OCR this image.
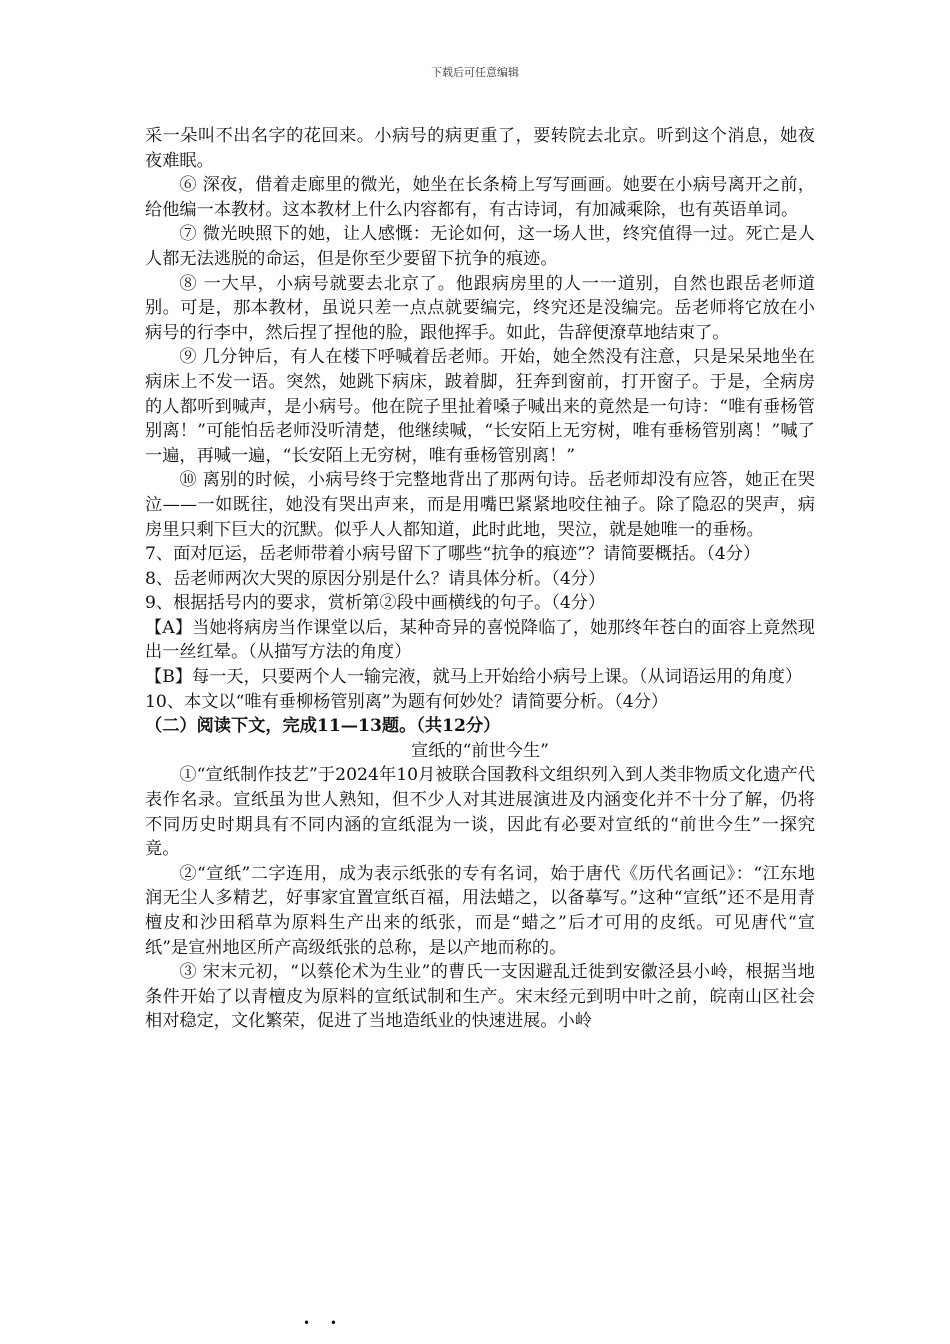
下载后可任意编辑

采一朵叫不出名字的花回来。小病号的病更重了，要转院去北京。听到这个消息，她夜夜难眠。

⑥ 深夜，借着走廊里的微光，她坐在长条椅上写写画画。她要在小病号离开之前，给他编一本教材。这本教材上什么内容都有，有古诗词，有加减乘除，也有英语单词。

⑦ 微光映照下的她，让人感慨：无论如何，这一场人世，终究值得一过。死亡是人人都无法逃脱的命运，但是你至少要留下抗争的痕迹。

⑧ 一大早，小病号就要去北京了。他跟病房里的人一一道别，自然也跟岳老师道别。可是，那本教材，虽说只差一点点就要编完，终究还是没编完。岳老师将它放在小病号的行李中，然后捏了捏他的脸，跟他挥手。如此，告辞便潦草地结束了。

⑨ 几分钟后，有人在楼下呼喊着岳老师。开始，她全然没有注意，只是呆呆地坐在病床上不发一语。突然，她跳下病床，跛着脚，狂奔到窗前，打开窗子。于是，全病房的人都听到喊声，是小病号。他在院子里扯着嗓子喊出来的竟然是一句诗：“唯有垂杨管别离！”可能怕岳老师没听清楚，他继续喊，“长安陌上无穷树，唯有垂杨管别离！”喊了一遍，再喊一遍，“长安陌上无穷树，唯有垂杨管别离！”

⑩ 离别的时候，小病号终于完整地背出了那两句诗。岳老师却没有应答，她正在哭泣——一如既往，她没有哭出声来，而是用嘴巴紧紧地咬住袖子。除了隐忍的哭声，病房里只剩下巨大的沉默。似乎人人都知道，此时此地，哭泣，就是她唯一的垂杨。

7、面对厄运，岳老师带着小病号留下了哪些“抗争的痕迹”？请简要概括。（4分）

8、岳老师两次大哭的原因分别是什么？请具体分析。（4分）

9、根据括号内的要求，赏析第②段中画横线的句子。（4分）

【A】当她将病房当作课堂以后，某种奇异的喜悦降临了，她那终年苍白的面容上竟然现出一丝红晕。（从描写方法的角度）

【B】每一天，只要两个人一输完液，就马上开始给小病号上课。（从词语运用的角度）

10、本文以“唯有垂柳杨管别离”为题有何妙处？请简要分析。（4分）

（二）阅读下文，完成11—13题。（共12分）

宣纸的“前世今生”

①“宣纸制作技艺”于2024年10月被联合国教科文组织列入到人类非物质文化遗产代表作名录。宣纸虽为世人熟知，但不少人对其进展演进及内涵变化并不十分了解，仍将不同历史时期具有不同内涵的宣纸混为一谈，因此有必要对宣纸的“前世今生”一探究竟。

②“宣纸”二字连用，成为表示纸张的专有名词，始于唐代《历代名画记》：“江东地润无尘人多精艺，好事家宜置宣纸百福，用法蜡之，以备摹写。”这种“宣纸”还不是用青檀皮和沙田稻草为原料生产出来的纸张，而是“蜡之”后才可用的皮纸。可见唐代“宣纸”是宣州地区所产高级纸张的总称，是以产地而称的。

③ 宋末元初，“以蔡伦术为生业”的曹氏一支因避乱迁徙到安徽泾县小岭，根据当地条件开始了以青檀皮为原料的宣纸试制和生产。宋末经元到明中叶之前，皖南山区社会相对稳定，文化繁荣，促进了当地造纸业的快速进展。小岭

• •
